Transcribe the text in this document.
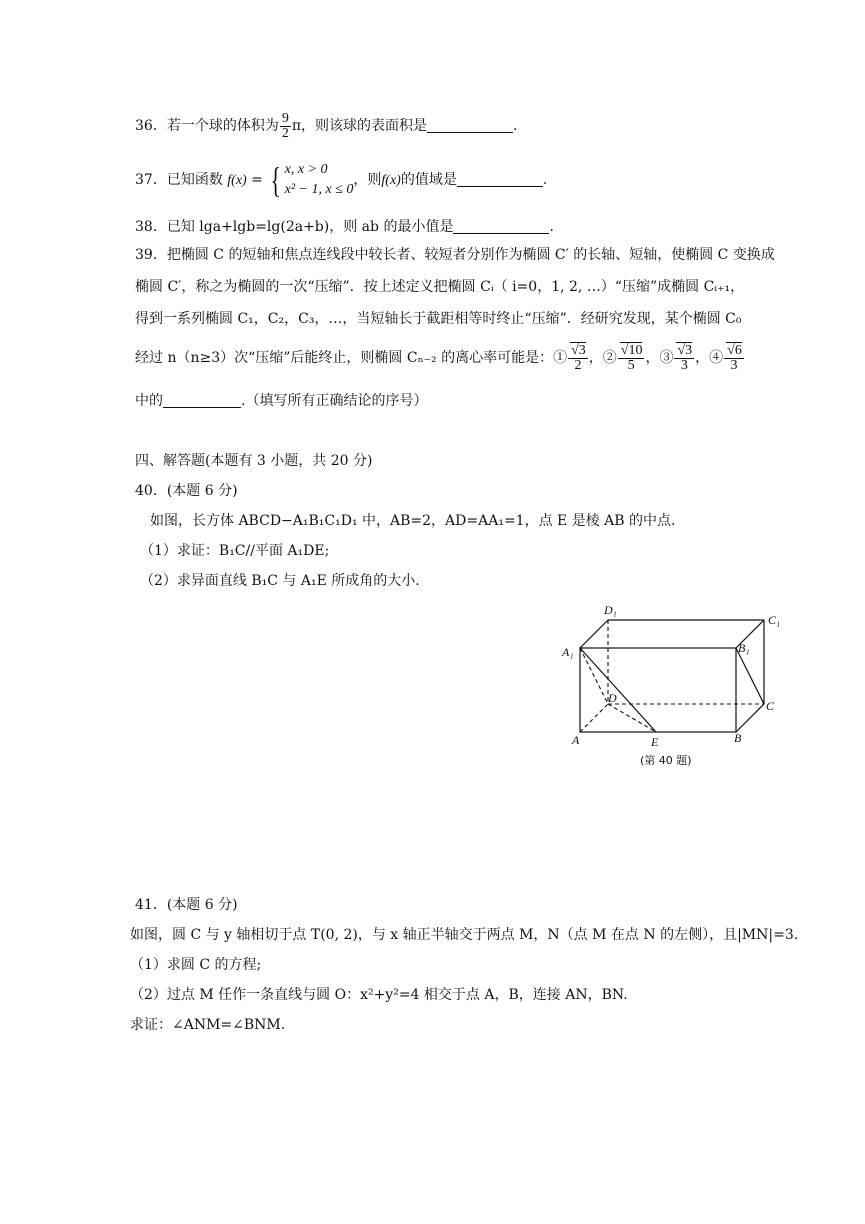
36．若一个球的体积为 $\frac{9}{2}$ π，则该球的表面积是	.
37．已知函数 f(x) = { x, x > 0
x² − 1, x ≤ 0
，则f(x)的值域是	.
38．已知 lga+lgb=lg(2a+b)，则 ab 的最小值是	.
39．把椭圆 C 的短轴和焦点连线段中较长者、较短者分别作为椭圆 C′ 的长轴、短轴，使椭圆 C 变换成
椭圆 C′，称之为椭圆的一次“压缩”．按上述定义把椭圆 Cᵢ（ i=0，1, 2, …）“压缩”成椭圆 Cᵢ₊₁，
得到一系列椭圆 C₁，C₂，C₃，…，当短轴长于截距相等时终止“压缩”．经研究发现，某个椭圆 C₀
经过 n（n≥3）次“压缩”后能终止，则椭圆 Cₙ₋₂ 的离心率可能是：① $\frac{√3}{2}$ ，② $\frac{√10}{5}$ ，③ $\frac{√3}{3}$ ，④ $\frac{√6}{3}$
中的	.（填写所有正确结论的序号）
四、解答题(本题有 3 小题，共 20 分)
40．(本题 6 分)
如图，长方体 ABCD−A₁B₁C₁D₁ 中，AB=2，AD=AA₁=1，点 E 是棱 AB 的中点.
（1）求证：B₁C//平面 A₁DE;
（2）求异面直线 B₁C 与 A₁E 所成角的大小.
D₁
C₁
A₁	B₁
D
C
A	E	B
(第 40 题)
41．(本题 6 分)
如图，圆 C 与 y 轴相切于点 T(0, 2)，与 x 轴正半轴交于两点 M，N（点 M 在点 N 的左侧），且|MN|=3.
（1）求圆 C 的方程;
（2）过点 M 任作一条直线与圆 O：x²+y²=4 相交于点 A，B，连接 AN，BN.
求证：∠ANM=∠BNM.
